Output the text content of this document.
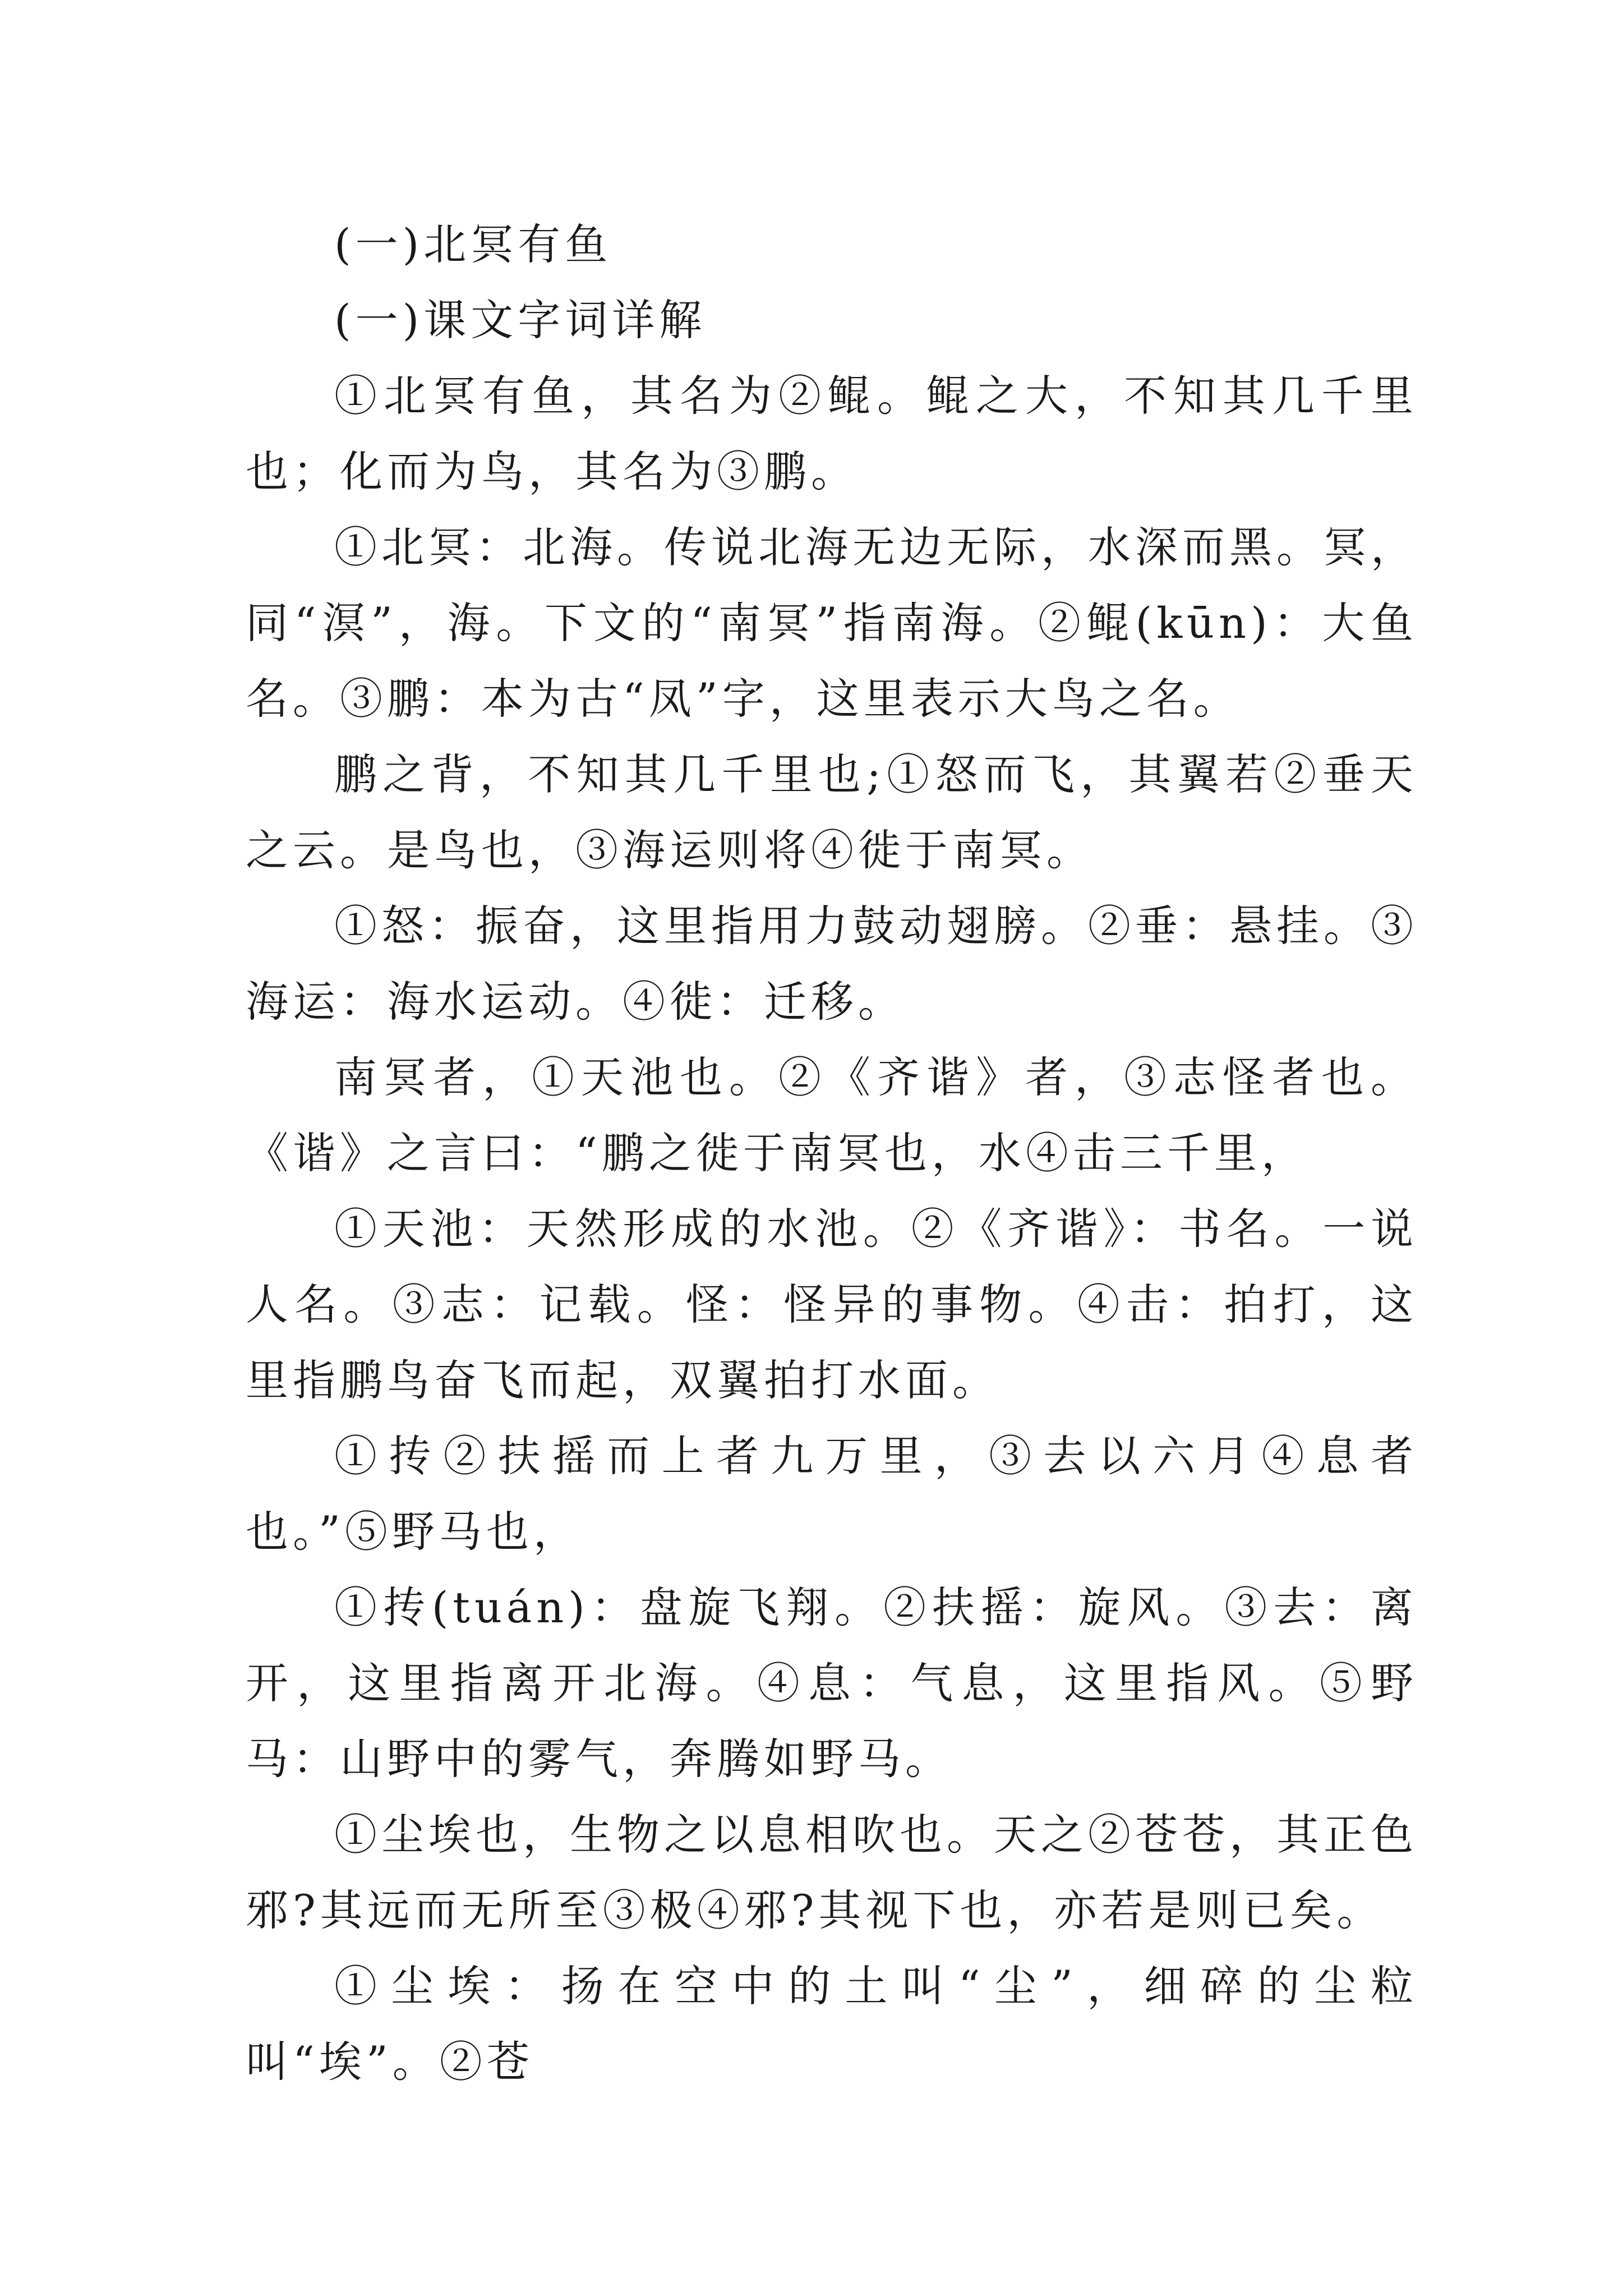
(一)北冥有鱼

(一)课文字词详解

①北冥有鱼，其名为②鲲。鲲之大，不知其几千里也；化而为鸟，其名为③鹏。

①北冥：北海。传说北海无边无际，水深而黑。冥，同“溟”，海。下文的“南冥”指南海。②鲲(kūn)：大鱼名。③鹏：本为古“凤”字，这里表示大鸟之名。

鹏之背，不知其几千里也;①怒而飞，其翼若②垂天之云。是鸟也，③海运则将④徙于南冥。

①怒：振奋，这里指用力鼓动翅膀。②垂：悬挂。③海运：海水运动。④徙：迁移。

南冥者，①天池也。②《齐谐》者，③志怪者也。《谐》之言曰：“鹏之徙于南冥也，水④击三千里，

①天池：天然形成的水池。②《齐谐》：书名。一说人名。③志：记载。怪：怪异的事物。④击：拍打，这里指鹏鸟奋飞而起，双翼拍打水面。

①抟②扶摇而上者九万里，③去以六月④息者也。”⑤野马也，

①抟(tuán)：盘旋飞翔。②扶摇：旋风。③去：离开，这里指离开北海。④息：气息，这里指风。⑤野马：山野中的雾气，奔腾如野马。

①尘埃也，生物之以息相吹也。天之②苍苍，其正色邪?其远而无所至③极④邪?其视下也，亦若是则已矣。

①尘埃：扬在空中的土叫“尘”，细碎的尘粒叫“埃”。②苍
